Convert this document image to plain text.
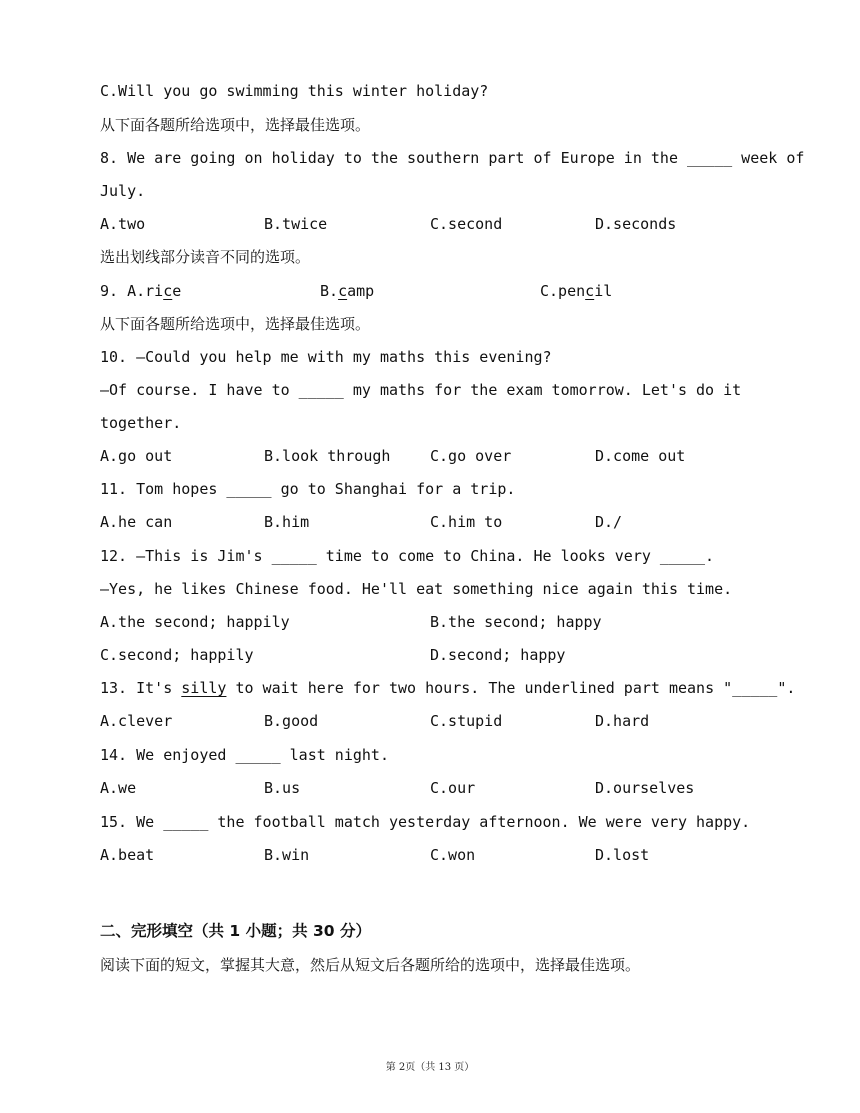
C.Will you go swimming this winter holiday?
从下面各题所给选项中，选择最佳选项。
8. We are going on holiday to the southern part of Europe in the _____ week of
July.
A.two	B.twice	C.second	D.seconds
选出划线部分读音不同的选项。
9. A.rice	B.camp	C.pencil
从下面各题所给选项中，选择最佳选项。
10. —Could you help me with my maths this evening?
—Of course. I have to _____ my maths for the exam tomorrow. Let's do it
together.
A.go out	B.look through	C.go over	D.come out
11. Tom hopes _____ go to Shanghai for a trip.
A.he can	B.him	C.him to	D./
12. —This is Jim's _____ time to come to China. He looks very _____.
—Yes, he likes Chinese food. He'll eat something nice again this time.
A.the second; happily	B.the second; happy
C.second; happily	D.second; happy
13. It's silly to wait here for two hours. The underlined part means "_____".
A.clever	B.good	C.stupid	D.hard
14. We enjoyed _____ last night.
A.we	B.us	C.our	D.ourselves
15. We _____ the football match yesterday afternoon. We were very happy.
A.beat	B.win	C.won	D.lost
二、完形填空（共 1 小题；共 30 分）
阅读下面的短文，掌握其大意，然后从短文后各题所给的选项中，选择最佳选项。
第 2页（共 13 页）
